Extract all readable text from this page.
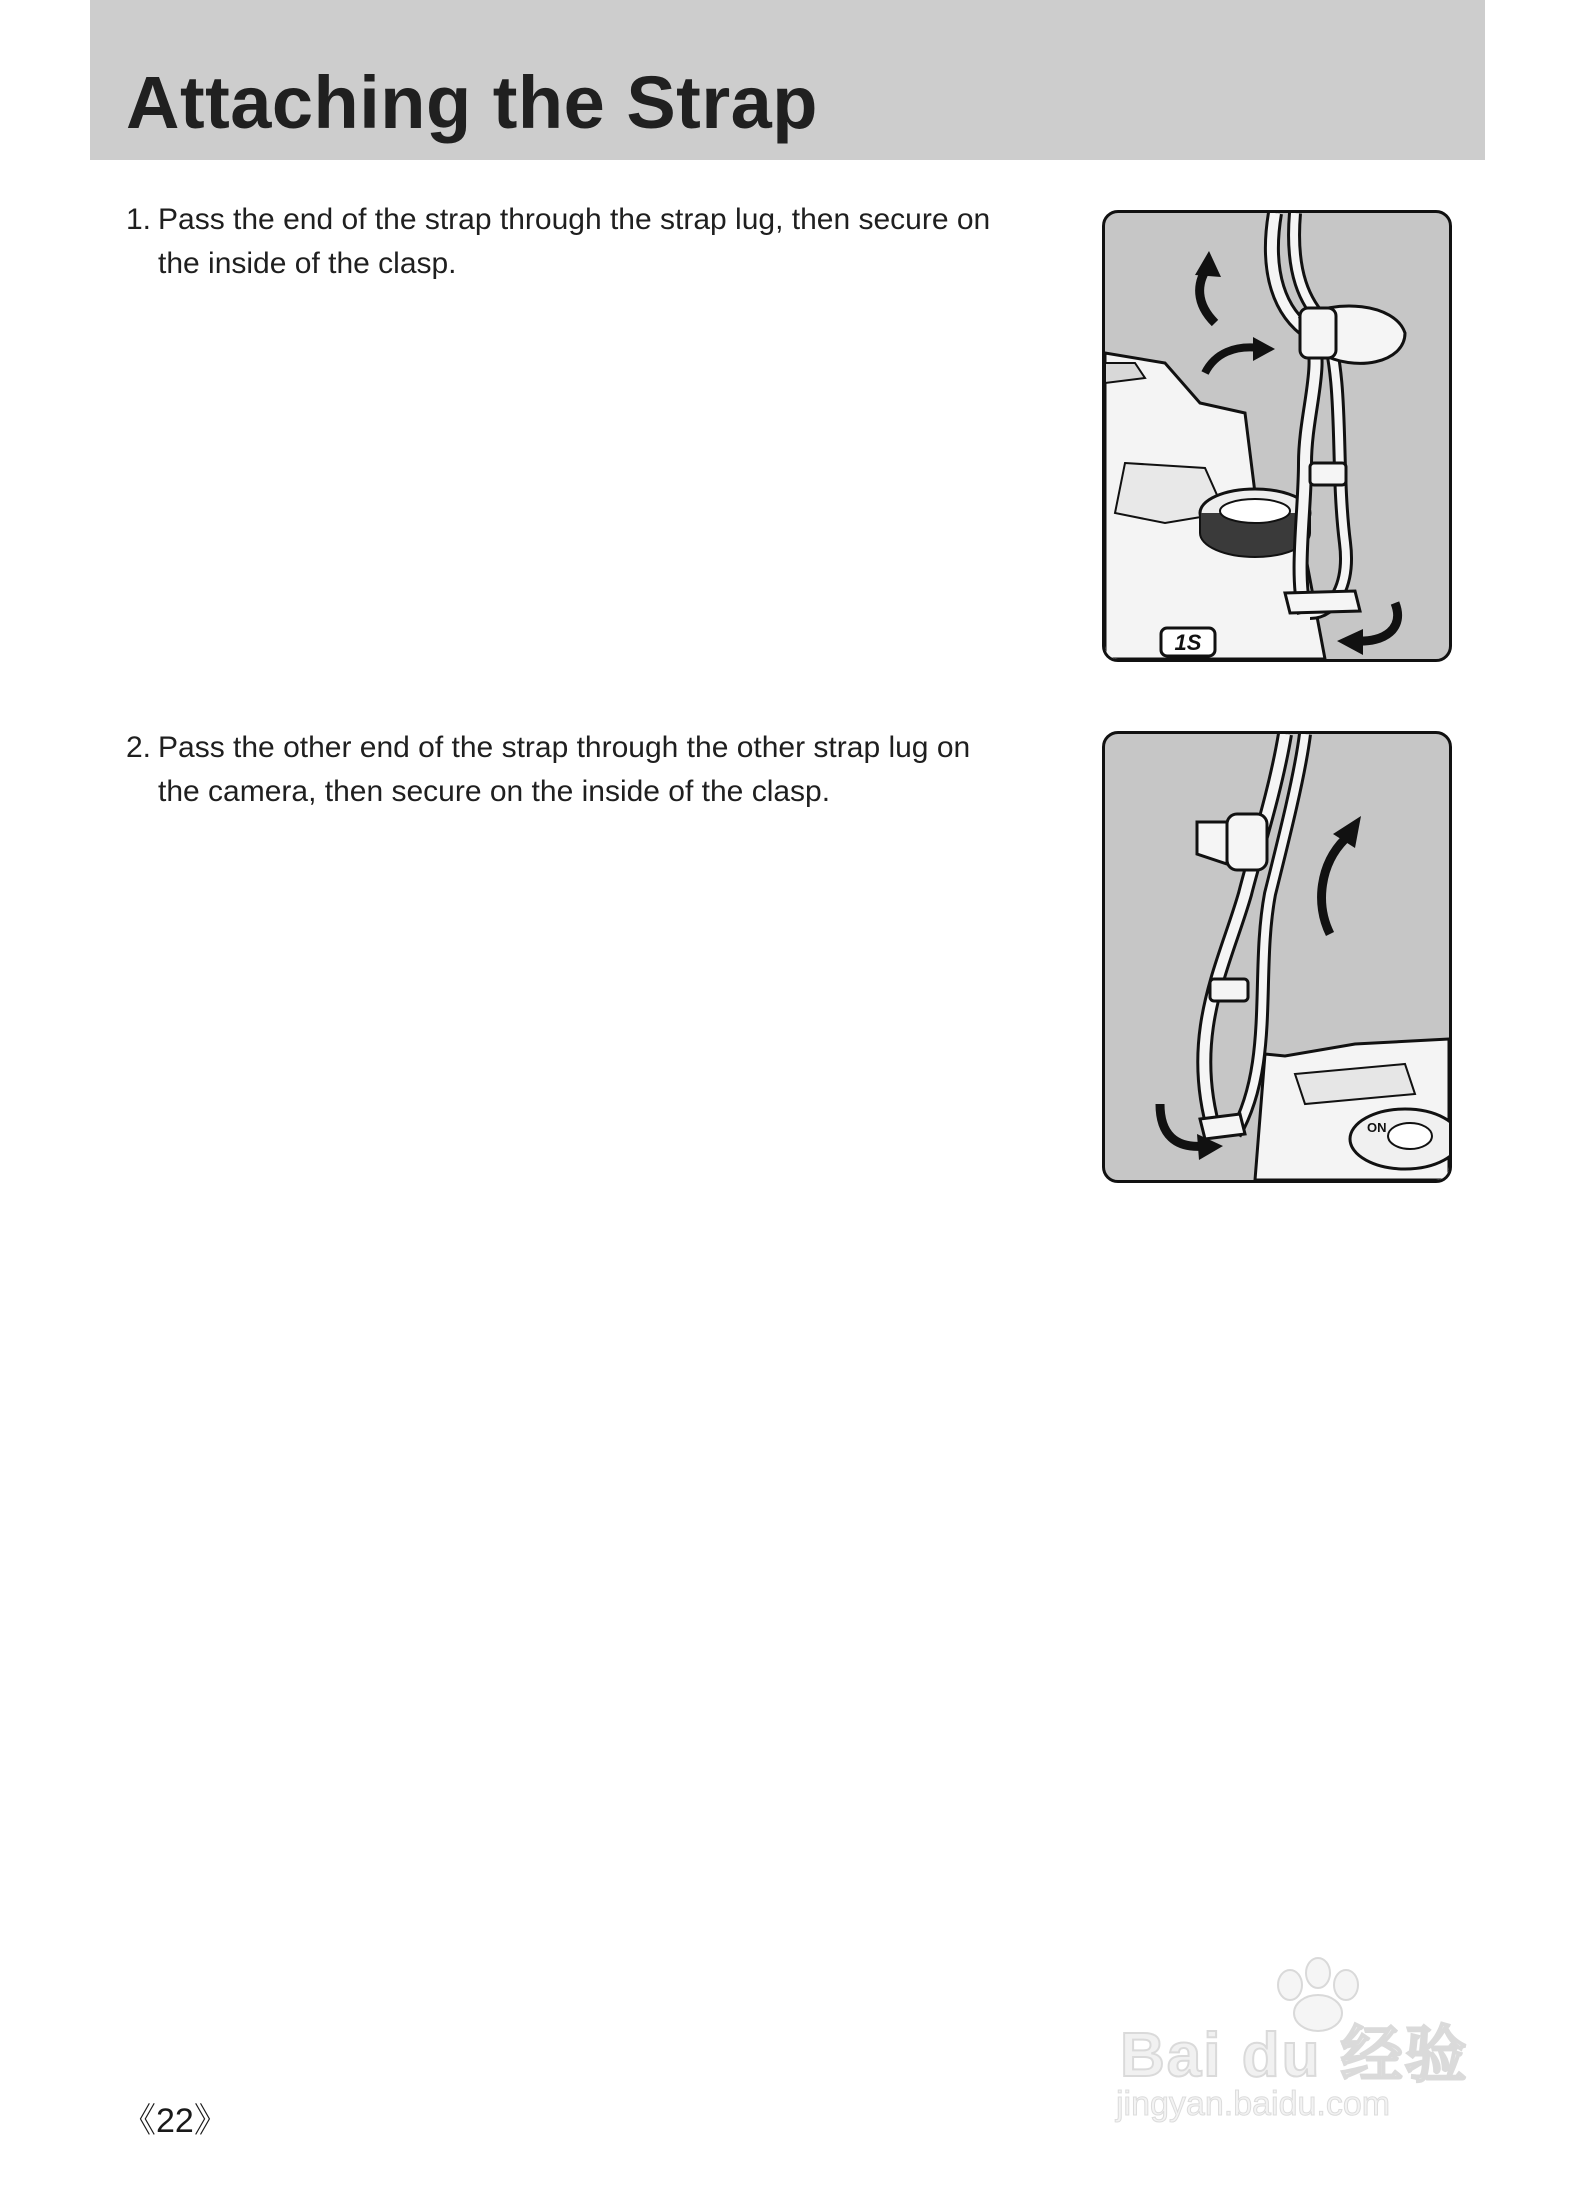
Attaching the Strap
1. Pass the end of the strap through the strap lug, then secure on the inside of the clasp.
1S
2. Pass the other end of the strap through the other strap lug on the camera, then secure on the inside of the clasp.
ON
《22》
Bai du 经验
jingyan.baidu.com
